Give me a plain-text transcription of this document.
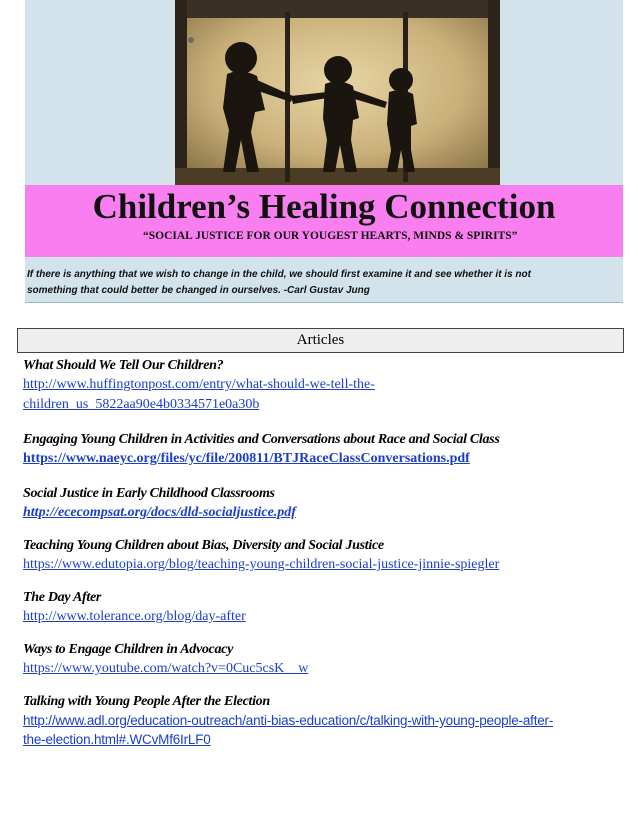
Children’s Healing Connection
“SOCIAL JUSTICE FOR OUR YOUGEST HEARTS, MINDS & SPIRITS”
If there is anything that we wish to change in the child, we should first examine it and see whether it is not
something that could better be changed in ourselves. -Carl Gustav Jung
Articles
What Should We Tell Our Children?
http://www.huffingtonpost.com/entry/what-should-we-tell-the-
children_us_5822aa90e4b0334571e0a30b
Engaging Young Children in Activities and Conversations about Race and Social Class
https://www.naeyc.org/files/yc/file/200811/BTJRaceClassConversations.pdf
Social Justice in Early Childhood Classrooms
http://ececompsat.org/docs/dld-socialjustice.pdf
Teaching Young Children about Bias, Diversity and Social Justice
https://www.edutopia.org/blog/teaching-young-children-social-justice-jinnie-spiegler
The Day After
http://www.tolerance.org/blog/day-after
Ways to Engage Children in Advocacy
https://www.youtube.com/watch?v=0Cuc5csK__w
Talking with Young People After the Election
http://www.adl.org/education-outreach/anti-bias-education/c/talking-with-young-people-after-
the-election.html#.WCvMf6IrLF0
